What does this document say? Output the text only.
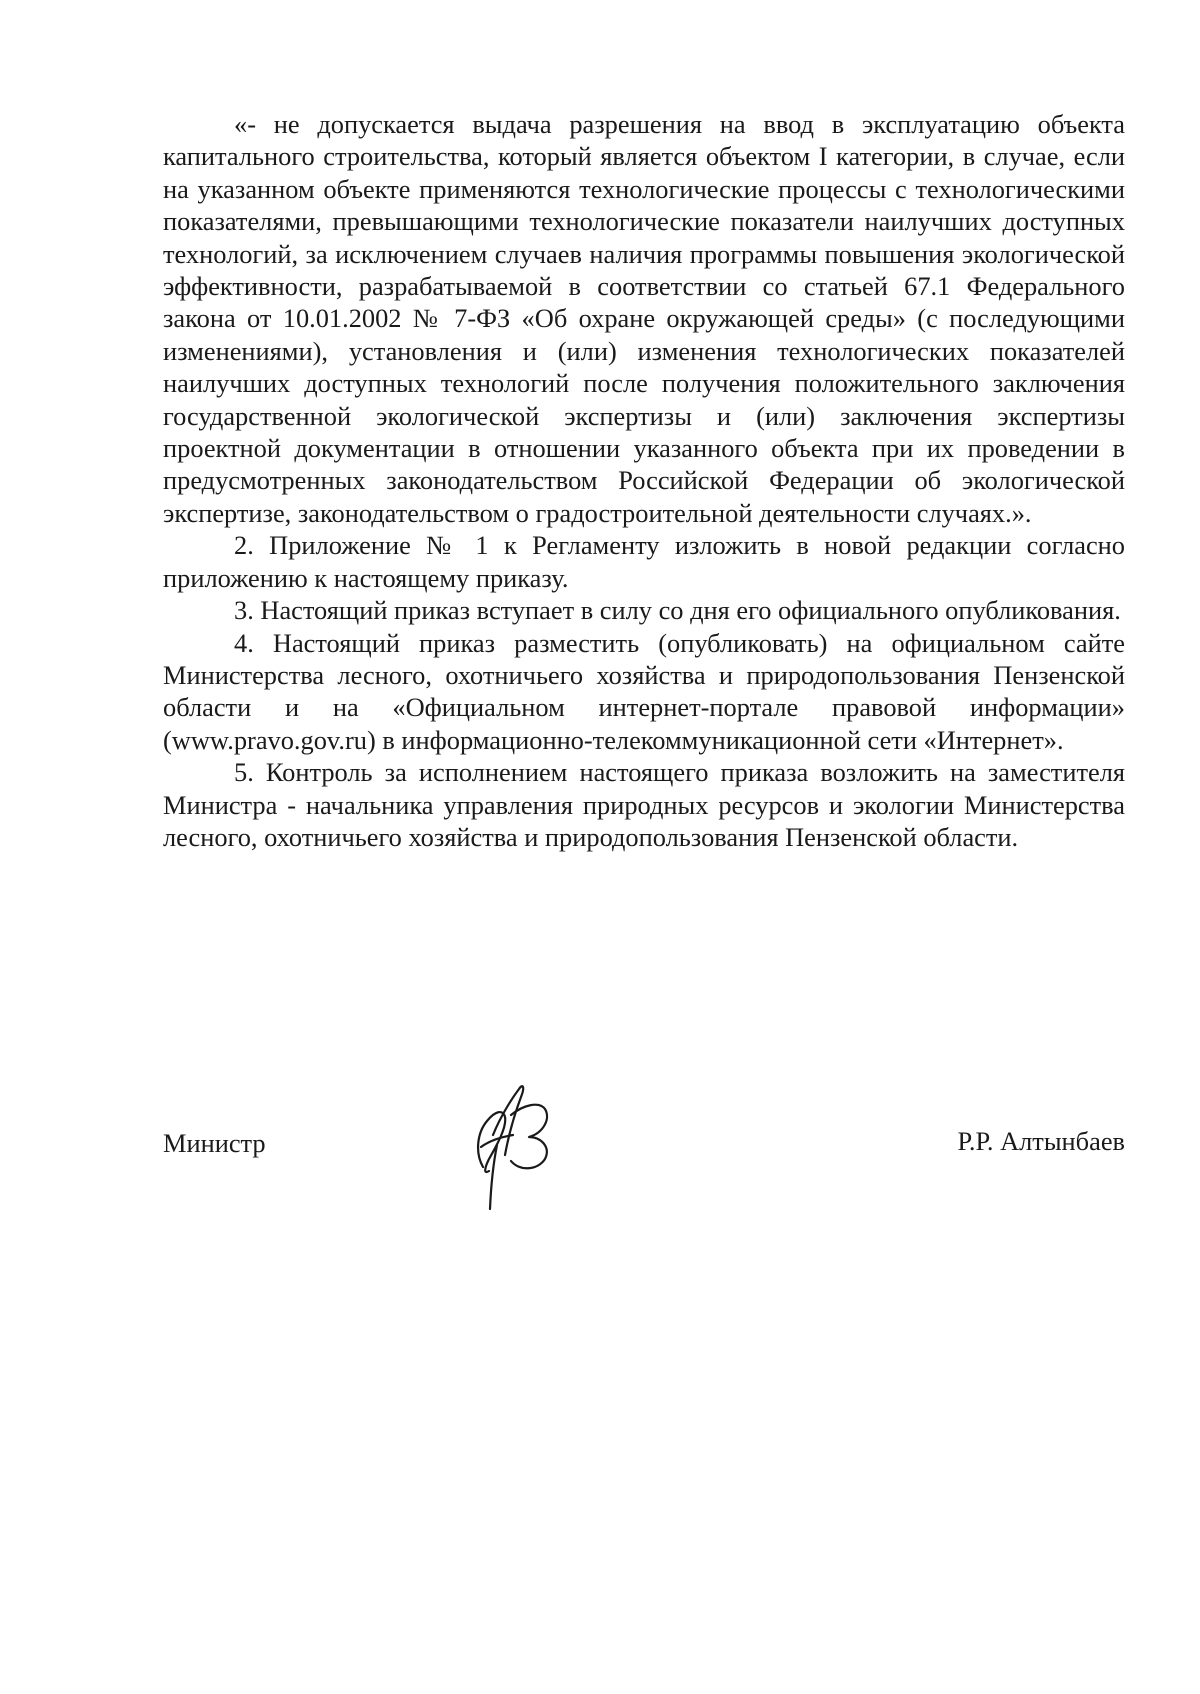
«- не допускается выдача разрешения на ввод в эксплуатацию объекта капитального строительства, который является объектом I категории, в случае, если на указанном объекте применяются технологические процессы с технологическими показателями, превышающими технологические показатели наилучших доступных технологий, за исключением случаев наличия программы повышения экологической эффективности, разрабатываемой в соответствии со статьей 67.1 Федерального закона от 10.01.2002 № 7-ФЗ «Об охране окружающей среды» (с последующими изменениями), установления и (или) изменения технологических показателей наилучших доступных технологий после получения положительного заключения государственной экологической экспертизы и (или) заключения экспертизы проектной документации в отношении указанного объекта при их проведении в предусмотренных законодательством Российской Федерации об экологической экспертизе, законодательством о градостроительной деятельности случаях.».

2. Приложение № 1 к Регламенту изложить в новой редакции согласно приложению к настоящему приказу.

3. Настоящий приказ вступает в силу со дня его официального опубликования.

4. Настоящий приказ разместить (опубликовать) на официальном сайте Министерства лесного, охотничьего хозяйства и природопользования Пензенской области и на «Официальном интернет-портале правовой информации» (www.pravo.gov.ru) в информационно-телекоммуникационной сети «Интернет».

5. Контроль за исполнением настоящего приказа возложить на заместителя Министра - начальника управления природных ресурсов и экологии Министерства лесного, охотничьего хозяйства и природопользования Пензенской области.

Министр	Р.Р. Алтынбаев
